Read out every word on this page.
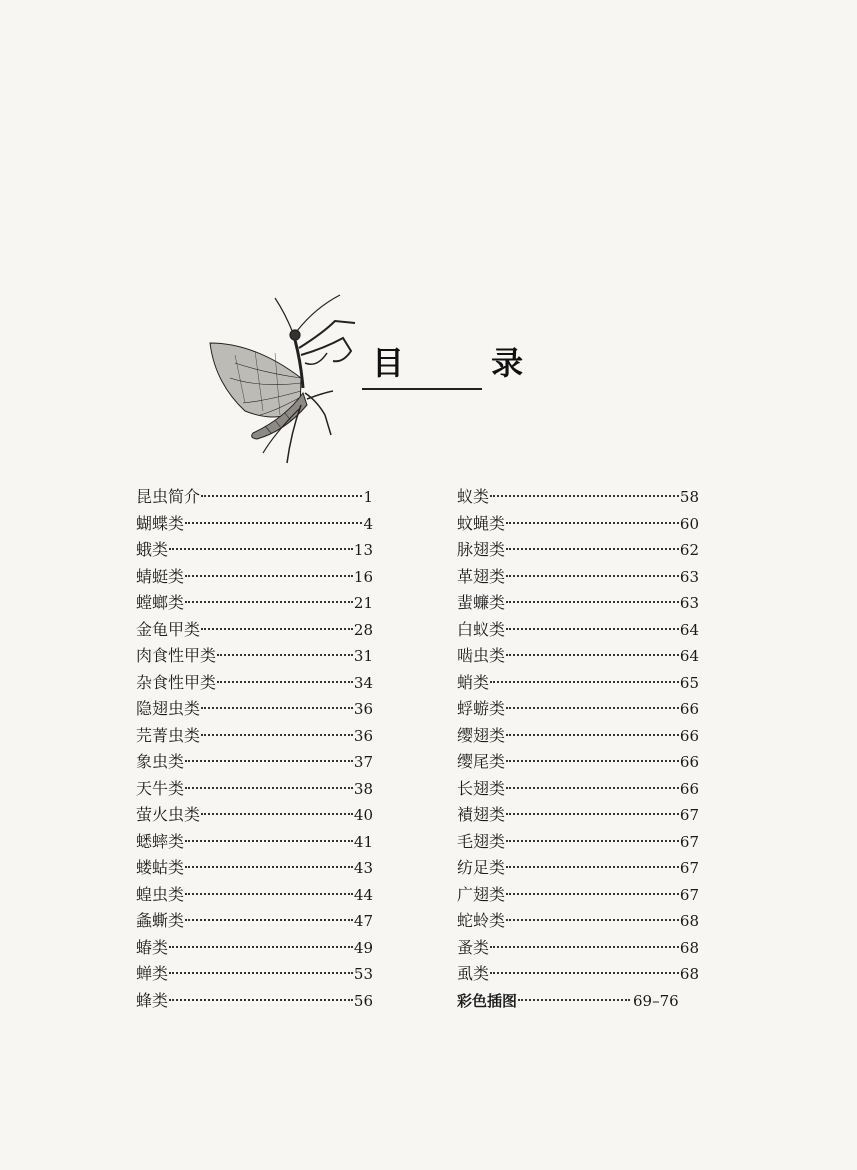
目 录
昆虫简介	1
蝴蝶类	4
蛾类	13
蜻蜓类	16
螳螂类	21
金龟甲类	28
肉食性甲类	31
杂食性甲类	34
隐翅虫类	36
芫菁虫类	36
象虫类	37
天牛类	38
萤火虫类	40
蟋蟀类	41
蝼蛄类	43
蝗虫类	44
螽蟖类	47
蝽类	49
蝉类	53
蜂类	56
蚁类	58
蚊蝇类	60
脉翅类	62
革翅类	63
蜚蠊类	63
白蚁类	64
啮虫类	64
蛸类	65
蜉蝣类	66
缨翅类	66
缨尾类	66
长翅类	66
襀翅类	67
毛翅类	67
纺足类	67
广翅类	67
蛇蛉类	68
蚤类	68
虱类	68
彩色插图	69–76
